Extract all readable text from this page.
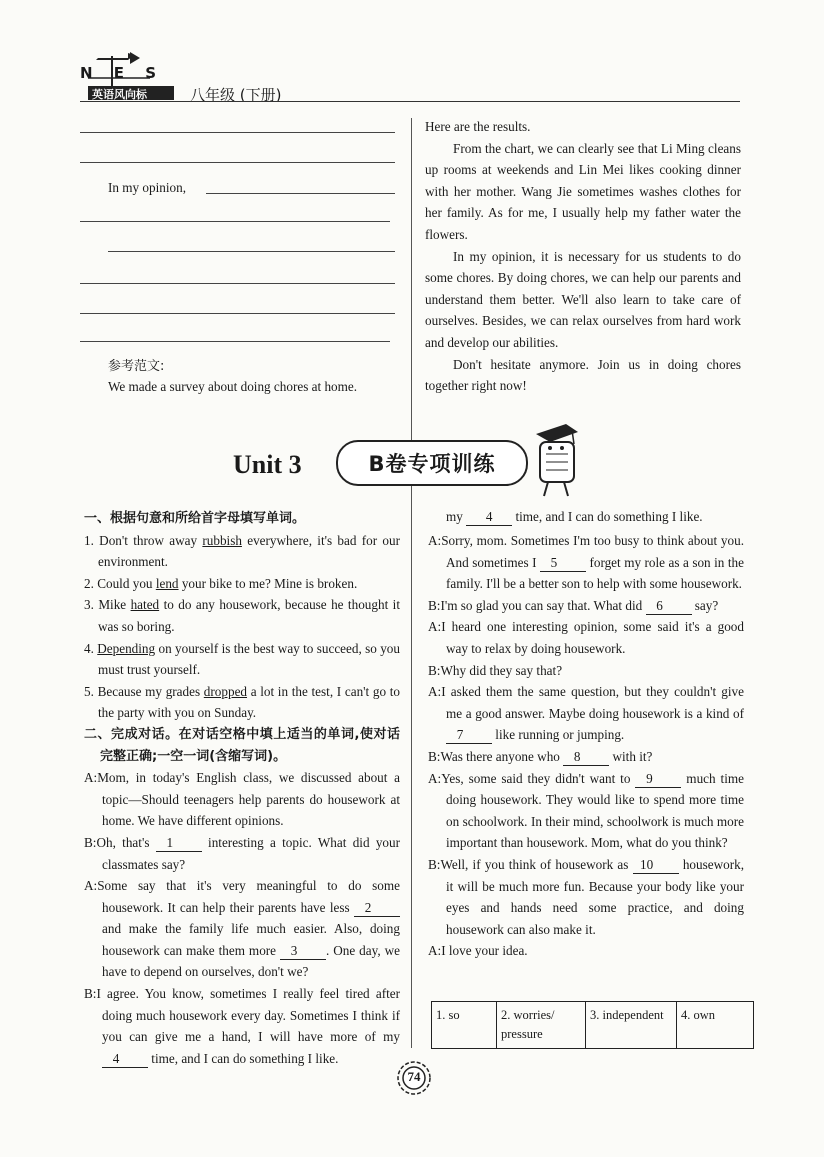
N E S
英语风向标	八年级 (下册)
In my opinion,
参考范文:
We made a survey about doing chores at home.

Here are the results.

From the chart, we can clearly see that Li Ming cleans up rooms at weekends and Lin Mei likes cooking dinner with her mother. Wang Jie sometimes washes clothes for her family. As for me, I usually help my father water the flowers.

In my opinion, it is necessary for us students to do some chores. By doing chores, we can help our parents and understand them better. We'll also learn to take care of ourselves. Besides, we can relax ourselves from hard work and develop our abilities.

Don't hesitate anymore. Join us in doing chores together right now!

Unit 3	B卷专项训练

一、根据句意和所给首字母填写单词。

1. Don't throw away rubbish everywhere, it's bad for our environment.

2. Could you lend your bike to me? Mine is broken.

3. Mike hated to do any housework, because he thought it was so boring.

4. Depending on yourself is the best way to succeed, so you must trust yourself.

5. Because my grades dropped a lot in the test, I can't go to the party with you on Sunday.

二、完成对话。在对话空格中填上适当的单词,使对话完整正确;一空一词(含缩写词)。

A:Mom, in today's English class, we discussed about a topic—Should teenagers help parents do housework at home. We have different opinions.

B:Oh, that's 1 interesting a topic. What did your classmates say?

A:Some say that it's very meaningful to do some housework. It can help their parents have less 2 and make the family life much easier. Also, doing housework can make them more 3 . One day, we have to depend on ourselves, don't we?

B:I agree. You know, sometimes I really feel tired after doing much housework every day. Sometimes I think if you can give me a hand, I will have more of my 4 time, and I can do something I like.

A:Sorry, mom. Sometimes I'm too busy to think about you. And sometimes I 5 forget my role as a son in the family. I'll be a better son to help with some housework.

B:I'm so glad you can say that. What did 6 say?

A:I heard one interesting opinion, some said it's a good way to relax by doing housework.

B:Why did they say that?

A:I asked them the same question, but they couldn't give me a good answer. Maybe doing housework is a kind of 7 like running or jumping.

B:Was there anyone who 8 with it?

A:Yes, some said they didn't want to 9 much time doing housework. They would like to spend more time on schoolwork. In their mind, schoolwork is much more important than housework. Mom, what do you think?

B:Well, if you think of housework as 10 housework, it will be much more fun. Because your body like your eyes and hands need some practice, and doing housework can also make it.

A:I love your idea.

my 4 time, and I can do something I like.
1. so	2. worries/ pressure	3. independent	4. own
74
